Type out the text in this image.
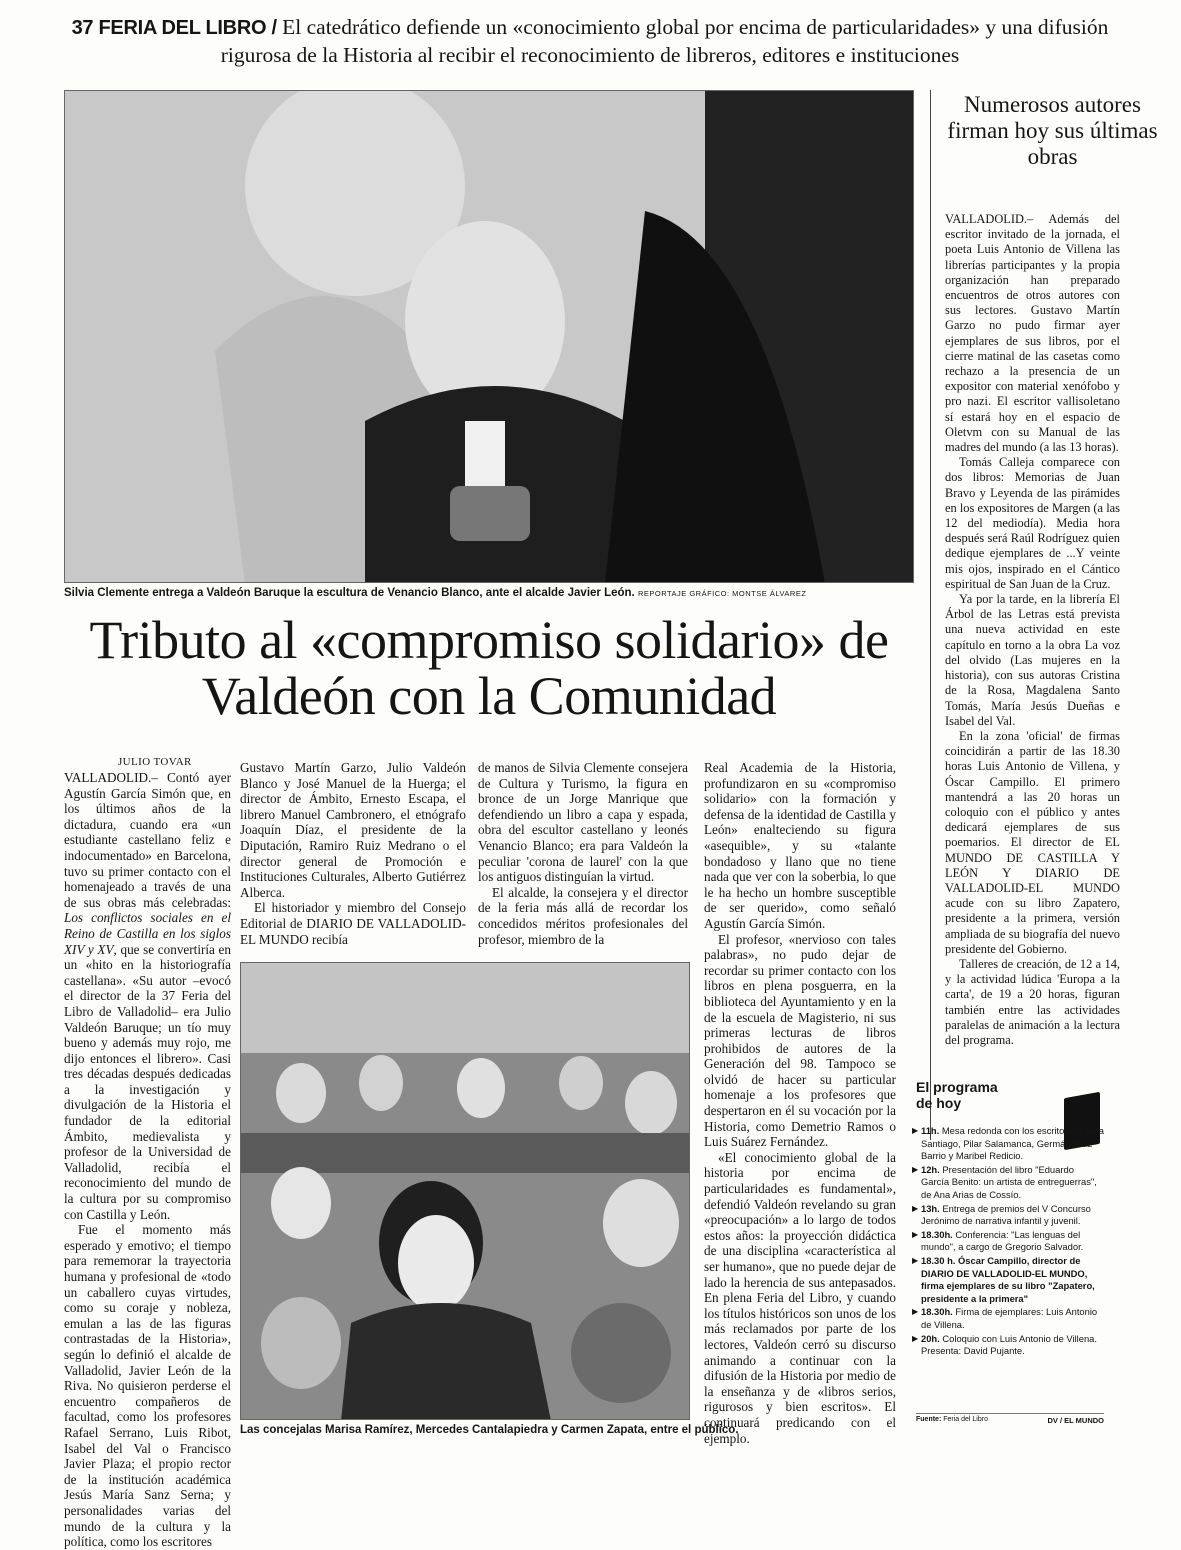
37 FERIA DEL LIBRO / El catedrático defiende un «conocimiento global por encima de particularidades» y una difusión rigurosa de la Historia al recibir el reconocimiento de libreros, editores e instituciones

Silvia Clemente entrega a Valdeón Baruque la escultura de Venancio Blanco, ante el alcalde Javier León. REPORTAJE GRÁFICO: MONTSE ÁLVAREZ

Tributo al «compromiso solidario» de Valdeón con la Comunidad

JULIO TOVAR

VALLADOLID.– Contó ayer Agustín García Simón que, en los últimos años de la dictadura, cuando era «un estudiante castellano feliz e indocumentado» en Barcelona, tuvo su primer contacto con el homenajeado a través de una de sus obras más celebradas: Los conflictos sociales en el Reino de Castilla en los siglos XIV y XV, que se convertiría en un «hito en la historiografía castellana». «Su autor –evocó el director de la 37 Feria del Libro de Valladolid– era Julio Valdeón Baruque; un tío muy bueno y además muy rojo, me dijo entonces el librero». Casi tres décadas después dedicadas a la investigación y divulgación de la Historia el fundador de la editorial Ámbito, medievalista y profesor de la Universidad de Valladolid, recibía el reconocimiento del mundo de la cultura por su compromiso con Castilla y León.

Fue el momento más esperado y emotivo; el tiempo para rememorar la trayectoria humana y profesional de «todo un caballero cuyas virtudes, como su coraje y nobleza, emulan a las de las figuras contrastadas de la Historia», según lo definió el alcalde de Valladolid, Javier León de la Riva. No quisieron perderse el encuentro compañeros de facultad, como los profesores Rafael Serrano, Luis Ribot, Isabel del Val o Francisco Javier Plaza; el propio rector de la institución académica Jesús María Sanz Serna; y personalidades varias del mundo de la cultura y la política, como los escritores

Gustavo Martín Garzo, Julio Valdeón Blanco y José Manuel de la Huerga; el director de Ámbito, Ernesto Escapa, el librero Manuel Cambronero, el etnógrafo Joaquín Díaz, el presidente de la Diputación, Ramiro Ruiz Medrano o el director general de Promoción e Instituciones Culturales, Alberto Gutiérrez Alberca.

El historiador y miembro del Consejo Editorial de DIARIO DE VALLADOLID-EL MUNDO recibía

de manos de Silvia Clemente consejera de Cultura y Turismo, la figura en bronce de un Jorge Manrique que defendiendo un libro a capa y espada, obra del escultor castellano y leonés Venancio Blanco; era para Valdeón la peculiar 'corona de laurel' con la que los antiguos distinguían la virtud.

El alcalde, la consejera y el director de la feria más allá de recordar los concedidos méritos profesionales del profesor, miembro de la

Real Academia de la Historia, profundizaron en su «compromiso solidario» con la formación y defensa de la identidad de Castilla y León» enalteciendo su figura «asequible», y su «talante bondadoso y llano que no tiene nada que ver con la soberbia, lo que le ha hecho un hombre susceptible de ser querido», como señaló Agustín García Simón.

El profesor, «nervioso con tales palabras», no pudo dejar de recordar su primer contacto con los libros en plena posguerra, en la biblioteca del Ayuntamiento y en la de la escuela de Magisterio, ni sus primeras lecturas de libros prohibidos de autores de la Generación del 98. Tampoco se olvidó de hacer su particular homenaje a los profesores que despertaron en él su vocación por la Historia, como Demetrio Ramos o Luis Suárez Fernández.

«El conocimiento global de la historia por encima de particularidades es fundamental», defendió Valdeón revelando su gran «preocupación» a lo largo de todos estos años: la proyección didáctica de una disciplina «característica al ser humano», que no puede dejar de lado la herencia de sus antepasados. En plena Feria del Libro, y cuando los títulos históricos son unos de los más reclamados por parte de los lectores, Valdeón cerró su discurso animando a continuar con la difusión de la Historia por medio de la enseñanza y de «libros serios, rigurosos y bien escritos». El continuará predicando con el ejemplo.

Las concejalas Marisa Ramírez, Mercedes Cantalapiedra y Carmen Zapata, entre el público.

Numerosos autores firman hoy sus últimas obras

VALLADOLID.– Además del escritor invitado de la jornada, el poeta Luis Antonio de Villena las librerías participantes y la propia organización han preparado encuentros de otros autores con sus lectores. Gustavo Martín Garzo no pudo firmar ayer ejemplares de sus libros, por el cierre matinal de las casetas como rechazo a la presencia de un expositor con material xenófobo y pro nazi. El escritor vallisoletano sí estará hoy en el espacio de Oletvm con su Manual de las madres del mundo (a las 13 horas).

Tomás Calleja comparece con dos libros: Memorias de Juan Bravo y Leyenda de las pirámides en los expositores de Margen (a las 12 del mediodía). Media hora después será Raúl Rodríguez quien dedique ejemplares de ...Y veinte mis ojos, inspirado en el Cántico espiritual de San Juan de la Cruz.

Ya por la tarde, en la librería El Árbol de las Letras está prevista una nueva actividad en este capítulo en torno a la obra La voz del olvido (Las mujeres en la historia), con sus autoras Cristina de la Rosa, Magdalena Santo Tomás, María Jesús Dueñas e Isabel del Val.

En la zona 'oficial' de firmas coincidirán a partir de las 18.30 horas Luis Antonio de Villena, y Óscar Campillo. El primero mantendrá a las 20 horas un coloquio con el público y antes dedicará ejemplares de sus poemarios. El director de EL MUNDO DE CASTILLA Y LEÓN Y DIARIO DE VALLADOLID-EL MUNDO acude con su libro Zapatero, presidente a la primera, versión ampliada de su biografía del nuevo presidente del Gobierno.

Talleres de creación, de 12 a 14, y la actividad lúdica 'Europa a la carta', de 19 a 20 horas, figuran también entre las actividades paralelas de animación a la lectura del programa.

El programa
de hoy
▶ 11h. Mesa redonda con los escritores Elena Santiago, Pilar Salamanca, Germán Díaz Barrio y Maribel Redicio.
▶ 12h. Presentación del libro "Eduardo García Benito: un artista de entreguerras", de Ana Arias de Cossío.
▶ 13h. Entrega de premios del V Concurso Jerónimo de narrativa infantil y juvenil.
▶ 18.30h. Conferencia: "Las lenguas del mundo", a cargo de Gregorio Salvador.
▶ 18.30 h. Óscar Campillo, director de DIARIO DE VALLADOLID-EL MUNDO, firma ejemplares de su libro "Zapatero, presidente a la primera"
▶ 18.30h. Firma de ejemplares: Luis Antonio de Villena.
▶ 20h. Coloquio con Luis Antonio de Villena. Presenta: David Pujante.
Fuente: Feria del Libro	DV / EL MUNDO
